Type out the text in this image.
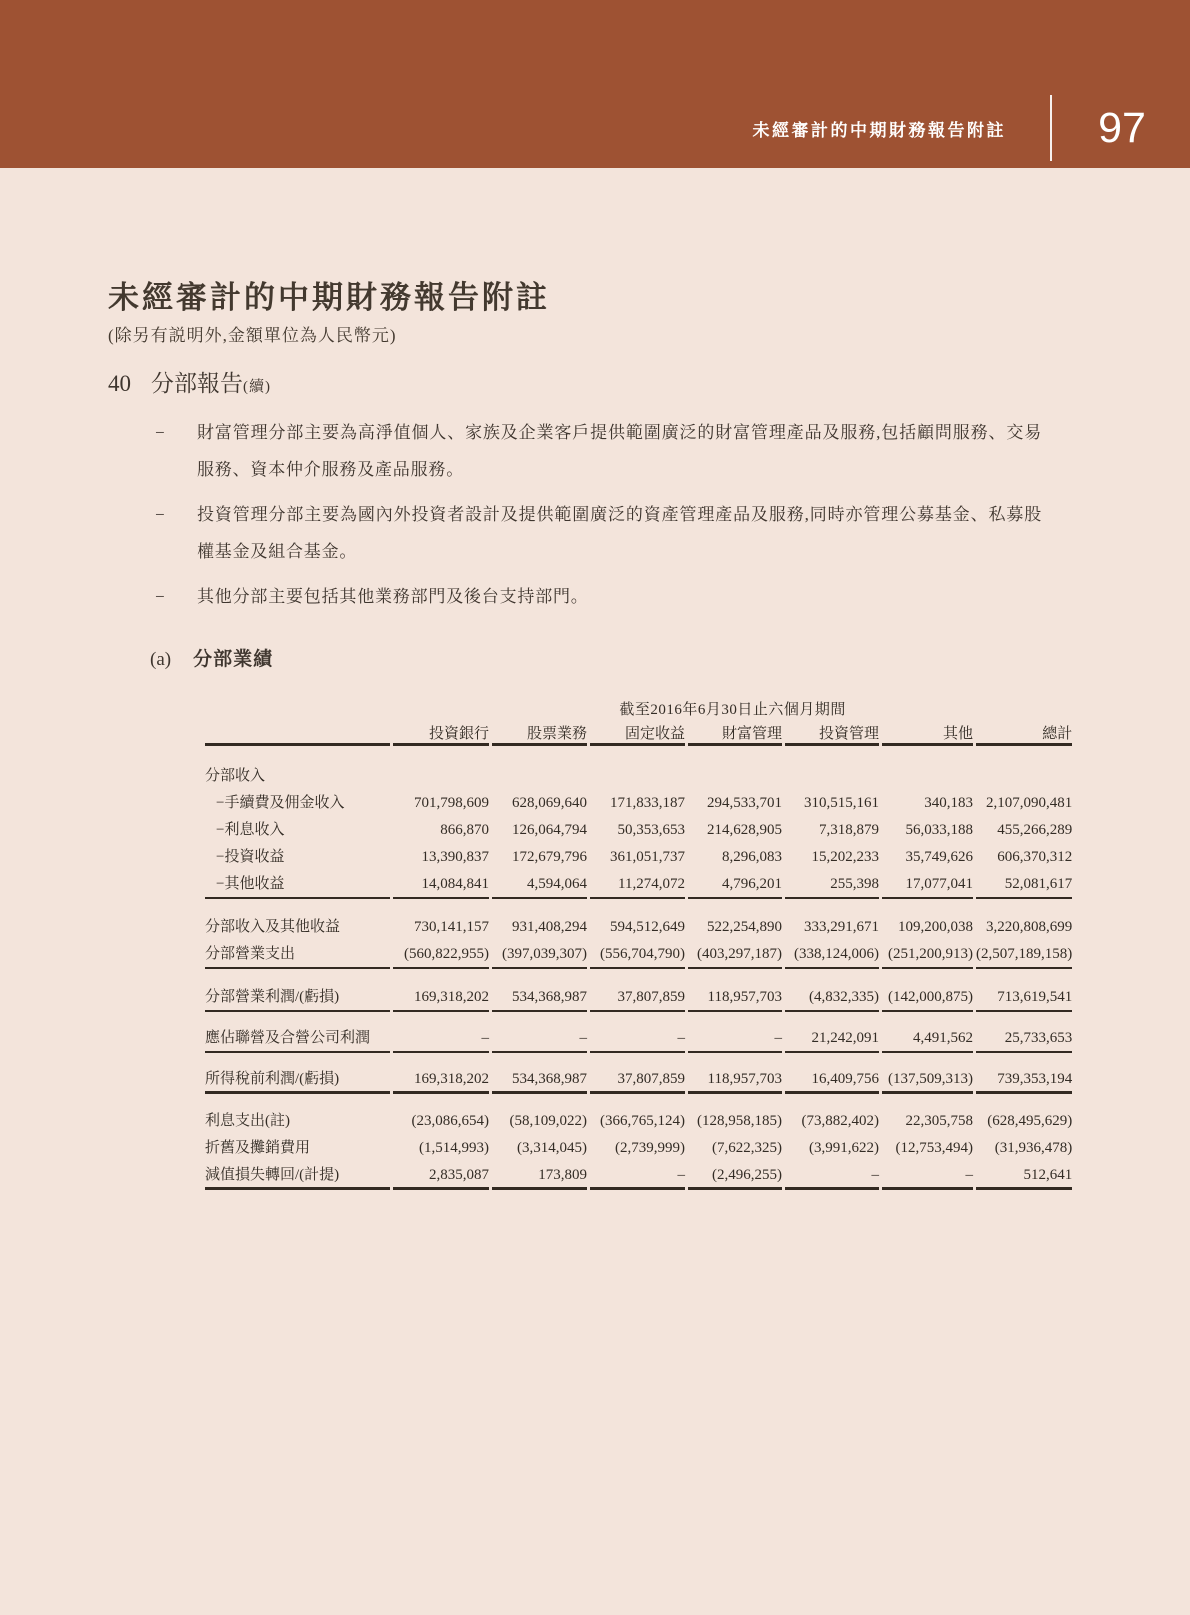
未經審計的中期財務報告附註 97
未經審計的中期財務報告附註

(除另有説明外,金額單位為人民幣元)

40 分部報告(續)
−	財富管理分部主要為高淨值個人、家族及企業客戶提供範圍廣泛的財富管理產品及服務,包括顧問服務、交易服務、資本仲介服務及產品服務。
−	投資管理分部主要為國內外投資者設計及提供範圍廣泛的資產管理產品及服務,同時亦管理公募基金、私募股權基金及組合基金。
−	其他分部主要包括其他業務部門及後台支持部門。
(a) 分部業績
	截至2016年6月30日止六個月期間						
	投資銀行	股票業務	固定收益	財富管理	投資管理	其他	總計
分部收入							
−手續費及佣金收入	701,798,609	628,069,640	171,833,187	294,533,701	310,515,161	340,183	2,107,090,481
−利息收入	866,870	126,064,794	50,353,653	214,628,905	7,318,879	56,033,188	455,266,289
−投資收益	13,390,837	172,679,796	361,051,737	8,296,083	15,202,233	35,749,626	606,370,312
−其他收益	14,084,841	4,594,064	11,274,072	4,796,201	255,398	17,077,041	52,081,617

分部收入及其他收益	730,141,157	931,408,294	594,512,649	522,254,890	333,291,671	109,200,038	3,220,808,699
分部營業支出	(560,822,955)	(397,039,307)	(556,704,790)	(403,297,187)	(338,124,006)	(251,200,913)	(2,507,189,158)

分部營業利潤/(虧損)	169,318,202	534,368,987	37,807,859	118,957,703	(4,832,335)	(142,000,875)	713,619,541

應佔聯營及合營公司利潤	–	–	–	–	21,242,091	4,491,562	25,733,653

所得稅前利潤/(虧損)	169,318,202	534,368,987	37,807,859	118,957,703	16,409,756	(137,509,313)	739,353,194

利息支出(註)	(23,086,654)	(58,109,022)	(366,765,124)	(128,958,185)	(73,882,402)	22,305,758	(628,495,629)
折舊及攤銷費用	(1,514,993)	(3,314,045)	(2,739,999)	(7,622,325)	(3,991,622)	(12,753,494)	(31,936,478)
減值損失轉回/(計提)	2,835,087	173,809	–	(2,496,255)	–	–	512,641
